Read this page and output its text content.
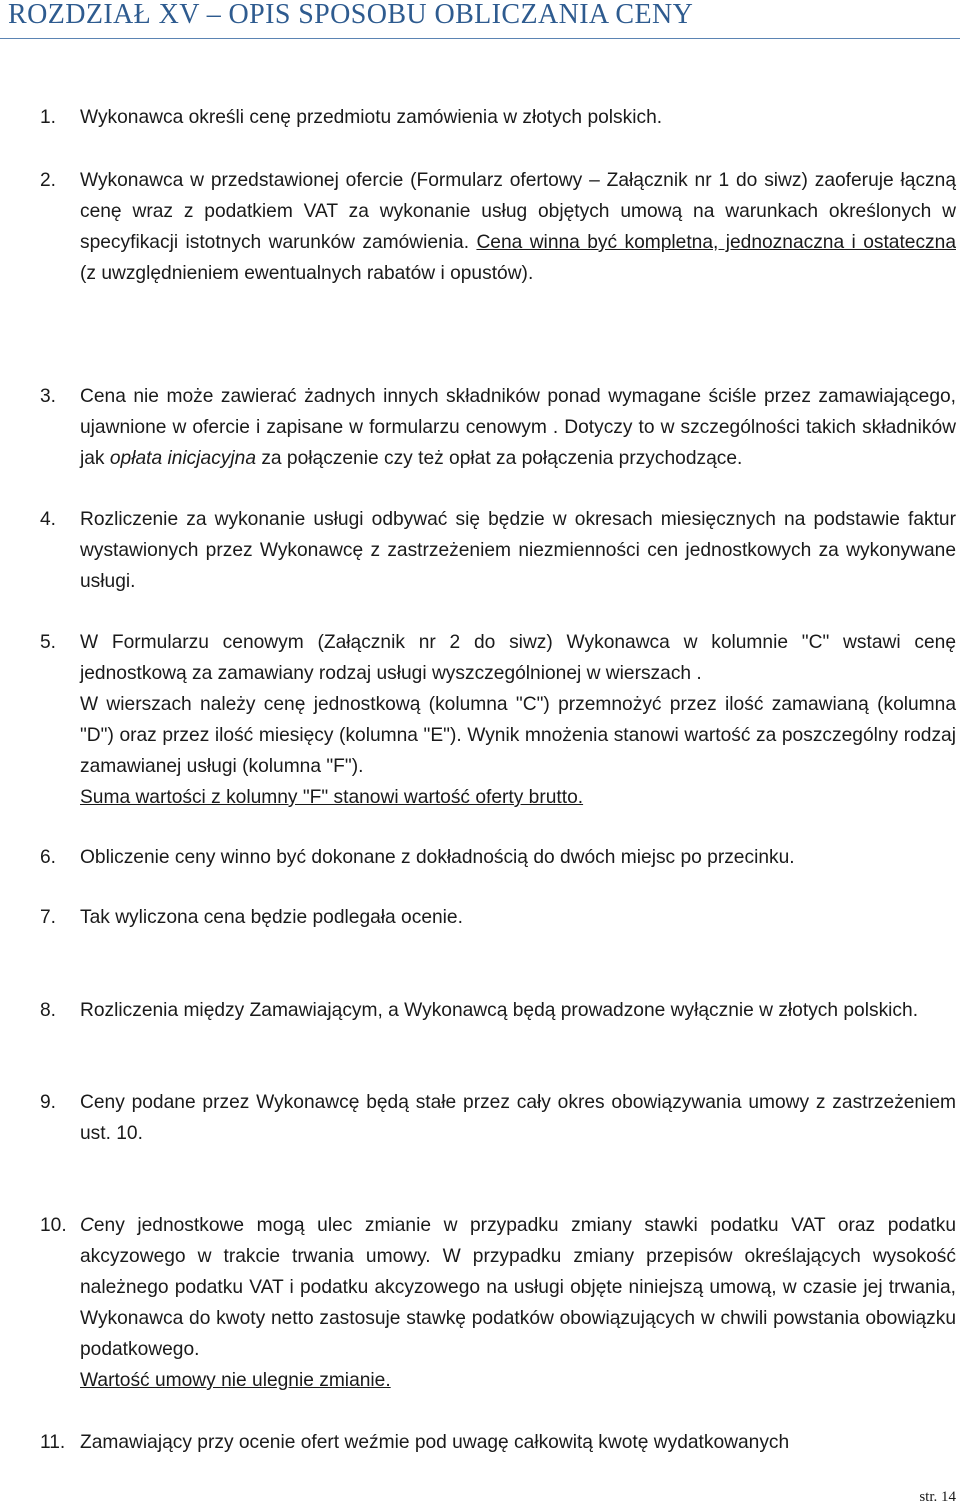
ROZDZIAŁ XV – OPIS SPOSOBU OBLICZANIA CENY
1. Wykonawca określi cenę przedmiotu zamówienia w złotych polskich.
2. Wykonawca w przedstawionej ofercie (Formularz ofertowy – Załącznik nr 1 do siwz) zaoferuje łączną cenę wraz z podatkiem VAT za wykonanie usług objętych umową na warunkach określonych w specyfikacji istotnych warunków zamówienia. Cena winna być kompletna, jednoznaczna i ostateczna (z uwzględnieniem ewentualnych rabatów i opustów).
3. Cena nie może zawierać żadnych innych składników ponad wymagane ściśle przez zamawiającego, ujawnione w ofercie i zapisane w formularzu cenowym . Dotyczy to w szczególności takich składników jak opłata inicjacyjna za połączenie czy też opłat za połączenia przychodzące.
4. Rozliczenie za wykonanie usługi odbywać się będzie w okresach miesięcznych na podstawie faktur wystawionych przez Wykonawcę z zastrzeżeniem niezmienności cen jednostkowych za wykonywane usługi.
5. W Formularzu cenowym (Załącznik nr 2 do siwz) Wykonawca w kolumnie "C" wstawi cenę jednostkową za zamawiany rodzaj usługi wyszczególnionej w wierszach .
W wierszach należy cenę jednostkową (kolumna "C") przemnożyć przez ilość zamawianą (kolumna "D") oraz przez ilość miesięcy (kolumna "E"). Wynik mnożenia stanowi wartość za poszczególny rodzaj zamawianej usługi (kolumna "F").
Suma wartości z kolumny "F" stanowi wartość oferty brutto.
6. Obliczenie ceny winno być dokonane z dokładnością do dwóch miejsc po przecinku.
7. Tak wyliczona cena będzie podlegała ocenie.
8. Rozliczenia między Zamawiającym, a Wykonawcą będą prowadzone wyłącznie w złotych polskich.
9. Ceny podane przez Wykonawcę będą stałe przez cały okres obowiązywania umowy z zastrzeżeniem ust. 10.
10. Ceny jednostkowe mogą ulec zmianie w przypadku zmiany stawki podatku VAT oraz podatku akcyzowego w trakcie trwania umowy. W przypadku zmiany przepisów określających wysokość należnego podatku VAT i podatku akcyzowego na usługi objęte niniejszą umową, w czasie jej trwania, Wykonawca do kwoty netto zastosuje stawkę podatków obowiązujących w chwili powstania obowiązku podatkowego.
Wartość umowy nie ulegnie zmianie.
11. Zamawiający przy ocenie ofert weźmie pod uwagę całkowitą kwotę wydatkowanych
str. 14
